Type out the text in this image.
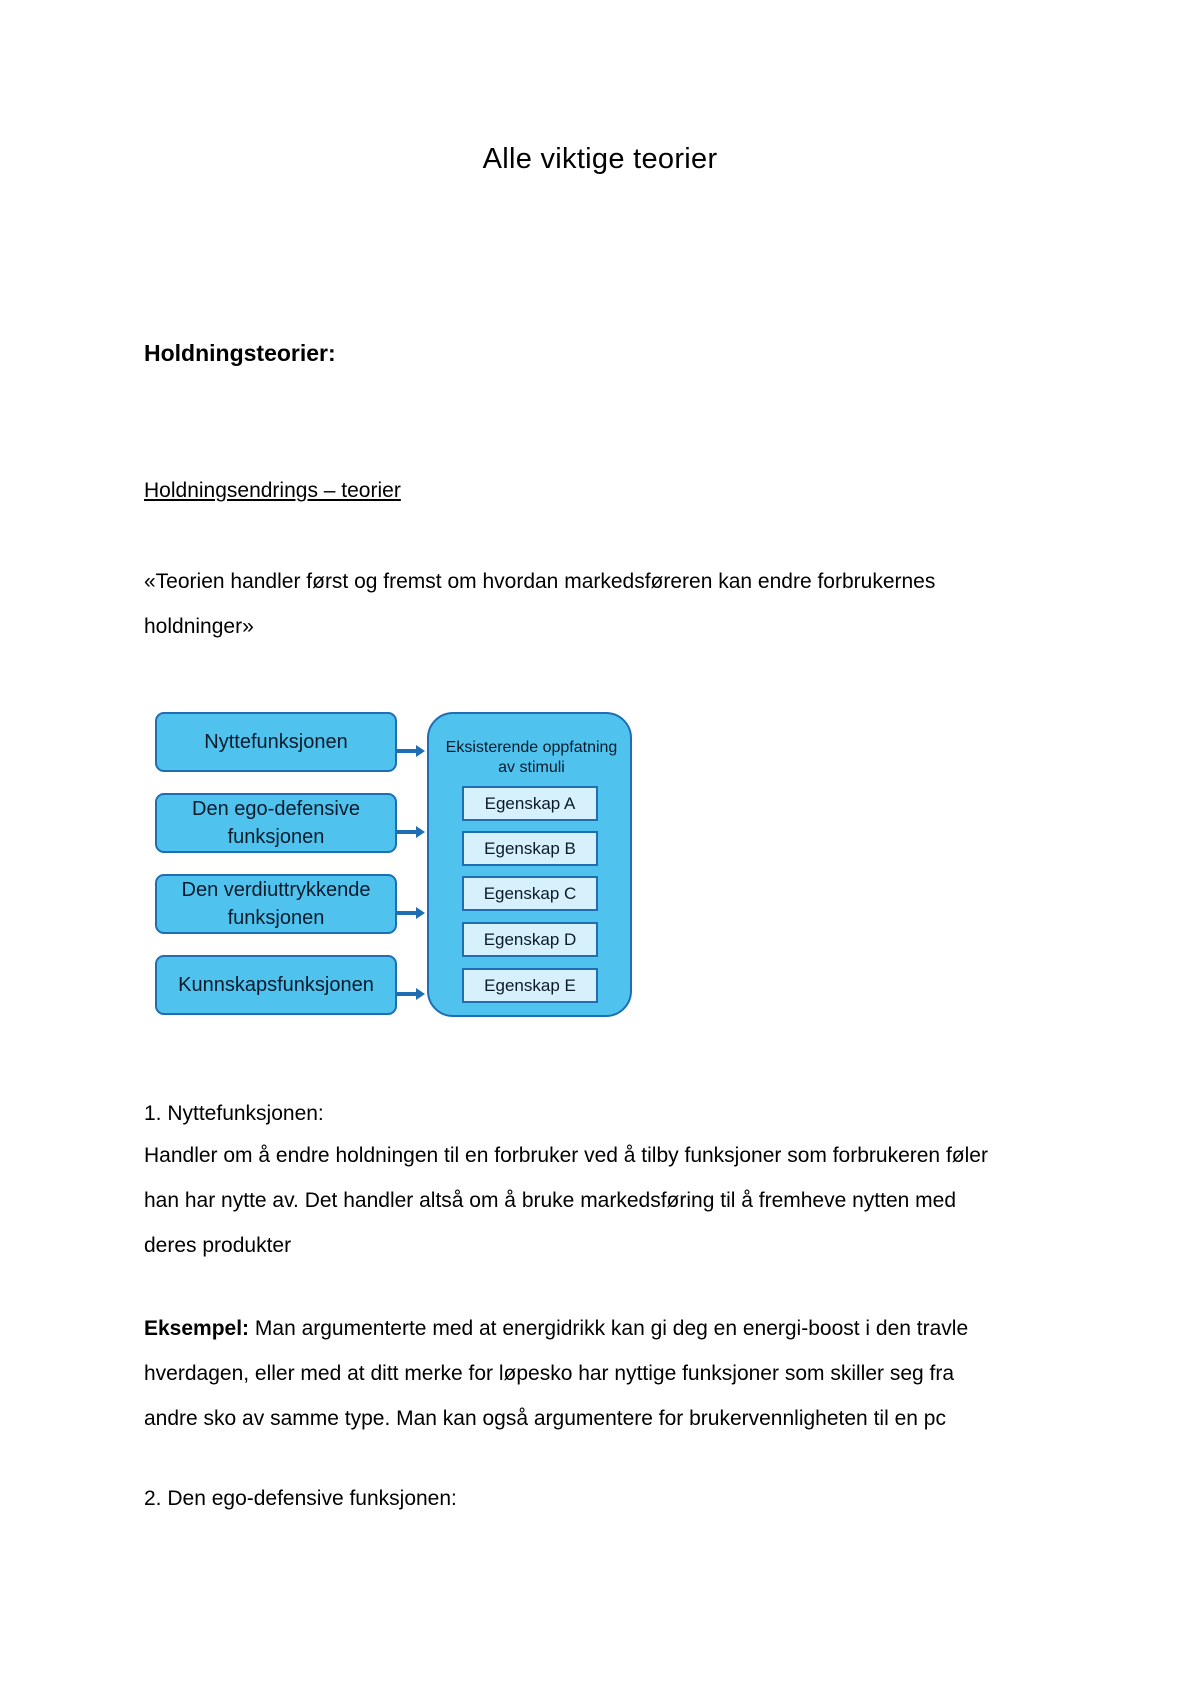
Alle viktige teorier
Holdningsteorier:
Holdningsendrings – teorier
«Teorien handler først og fremst om hvordan markedsføreren kan endre forbrukernes
holdninger»
Nyttefunksjonen
Den ego-defensive
funksjonen
Den verdiuttrykkende
funksjonen
Kunnskapsfunksjonen
Eksisterende oppfatning
av stimuli
Egenskap A
Egenskap B
Egenskap C
Egenskap D
Egenskap E
1. Nyttefunksjonen:
Handler om å endre holdningen til en forbruker ved å tilby funksjoner som forbrukeren føler
han har nytte av. Det handler altså om å bruke markedsføring til å fremheve nytten med
deres produkter
Eksempel: Man argumenterte med at energidrikk kan gi deg en energi-boost i den travle
hverdagen, eller med at ditt merke for løpesko har nyttige funksjoner som skiller seg fra
andre sko av samme type. Man kan også argumentere for brukervennligheten til en pc
2. Den ego-defensive funksjonen:
